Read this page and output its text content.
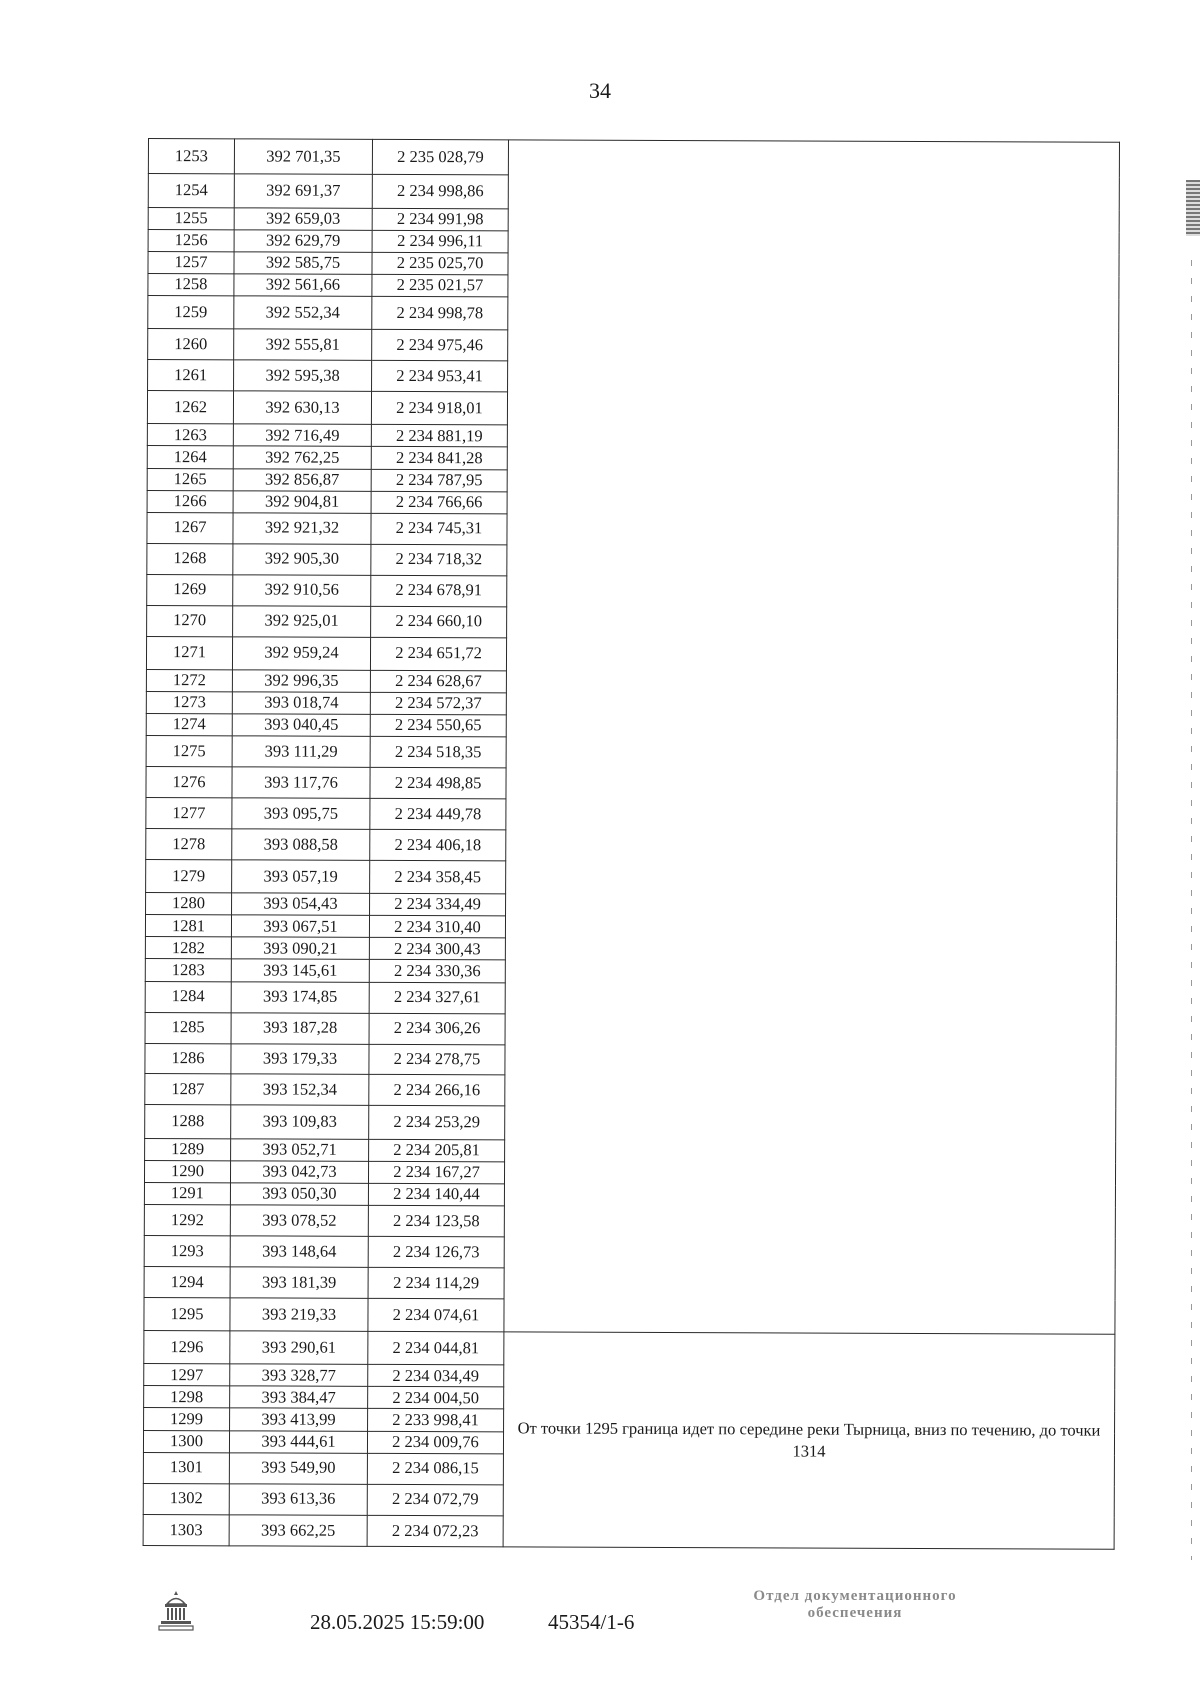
34
1253	392 701,35	2 235 028,79	
1254	392 691,37	2 234 998,86	
1255	392 659,03	2 234 991,98	
1256	392 629,79	2 234 996,11	
1257	392 585,75	2 235 025,70	
1258	392 561,66	2 235 021,57	
1259	392 552,34	2 234 998,78	
1260	392 555,81	2 234 975,46	
1261	392 595,38	2 234 953,41	
1262	392 630,13	2 234 918,01	
1263	392 716,49	2 234 881,19	
1264	392 762,25	2 234 841,28	
1265	392 856,87	2 234 787,95	
1266	392 904,81	2 234 766,66	
1267	392 921,32	2 234 745,31	
1268	392 905,30	2 234 718,32	
1269	392 910,56	2 234 678,91	
1270	392 925,01	2 234 660,10	
1271	392 959,24	2 234 651,72	
1272	392 996,35	2 234 628,67	
1273	393 018,74	2 234 572,37	
1274	393 040,45	2 234 550,65	
1275	393 111,29	2 234 518,35	
1276	393 117,76	2 234 498,85	
1277	393 095,75	2 234 449,78	
1278	393 088,58	2 234 406,18	
1279	393 057,19	2 234 358,45	
1280	393 054,43	2 234 334,49	
1281	393 067,51	2 234 310,40	
1282	393 090,21	2 234 300,43	
1283	393 145,61	2 234 330,36	
1284	393 174,85	2 234 327,61	
1285	393 187,28	2 234 306,26	
1286	393 179,33	2 234 278,75	
1287	393 152,34	2 234 266,16	
1288	393 109,83	2 234 253,29	
1289	393 052,71	2 234 205,81	
1290	393 042,73	2 234 167,27	
1291	393 050,30	2 234 140,44	
1292	393 078,52	2 234 123,58	
1293	393 148,64	2 234 126,73	
1294	393 181,39	2 234 114,29	
1295	393 219,33	2 234 074,61	
1296	393 290,61	2 234 044,81	От точки 1295 граница идет по середине реки Тырница, вниз по течению, до точки 1314
1297	393 328,77	2 234 034,49	
1298	393 384,47	2 234 004,50	
1299	393 413,99	2 233 998,41	
1300	393 444,61	2 234 009,76	
1301	393 549,90	2 234 086,15	
1302	393 613,36	2 234 072,79	
1303	393 662,25	2 234 072,23	
28.05.2025 15:59:00	45354/1-6
Отдел документационного обеспечения
